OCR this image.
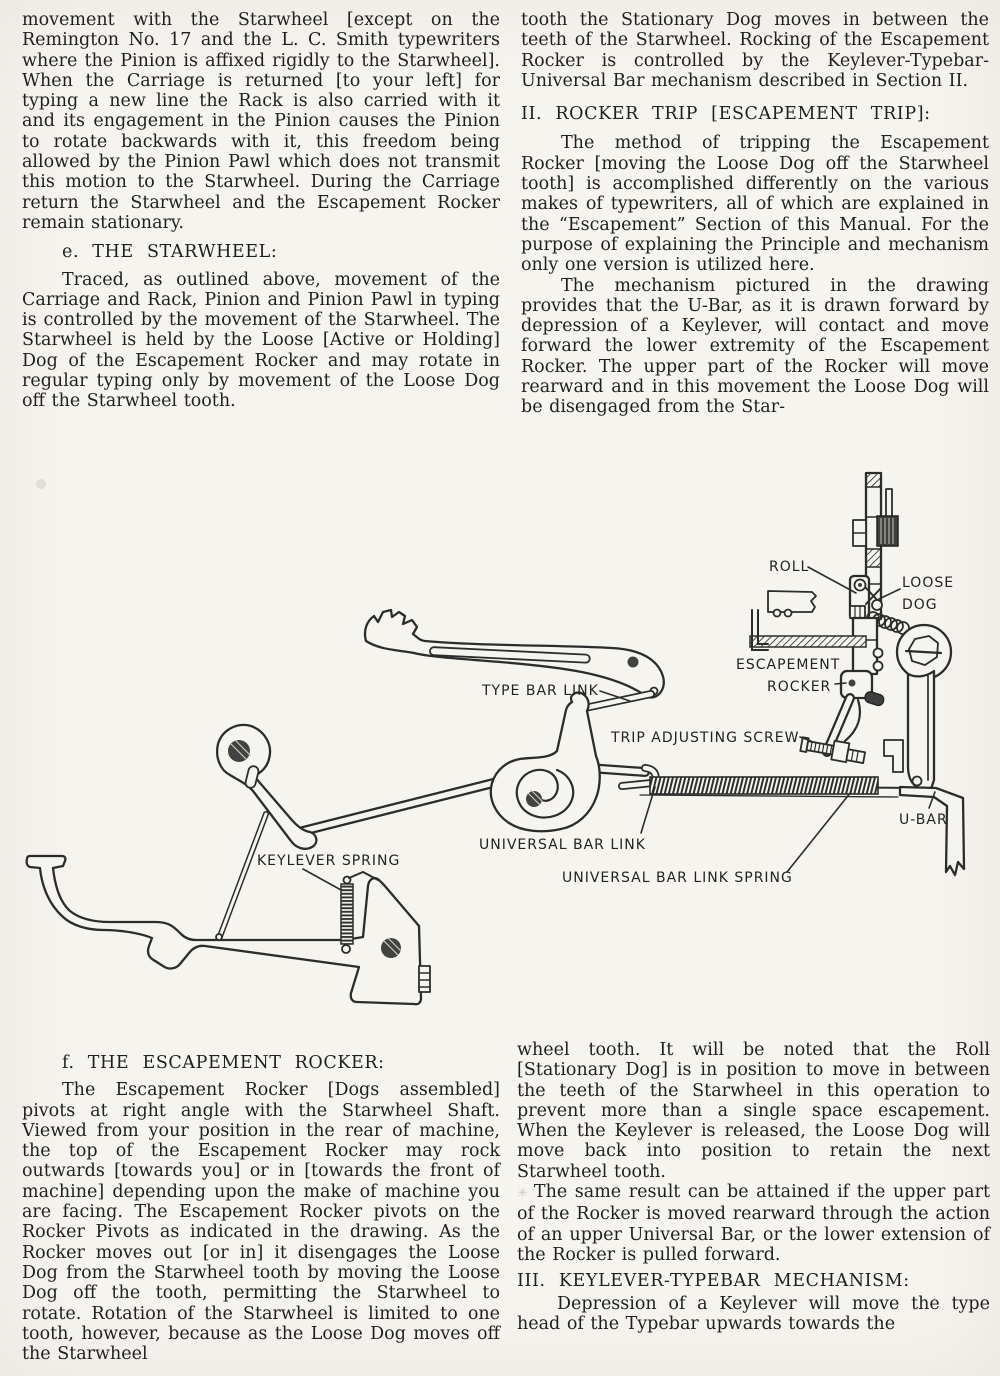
movement with the Starwheel [except on the Remington No. 17 and the L. C. Smith typewriters where the Pinion is affixed rigidly to the Starwheel]. When the Carriage is returned [to your left] for typing a new line the Rack is also carried with it and its engagement in the Pinion causes the Pinion to rotate backwards with it, this freedom being allowed by the Pinion Pawl which does not transmit this motion to the Starwheel. During the Carriage return the Starwheel and the Escapement Rocker remain stationary.

e. THE STARWHEEL:

Traced, as outlined above, movement of the Carriage and Rack, Pinion and Pinion Pawl in typing is controlled by the movement of the Starwheel. The Starwheel is held by the Loose [Active or Holding] Dog of the Escapement Rocker and may rotate in regular typing only by movement of the Loose Dog off the Starwheel tooth.

tooth the Stationary Dog moves in between the teeth of the Starwheel. Rocking of the Escapement Rocker is controlled by the Keylever-Typebar-Universal Bar mechanism described in Section II.

II. ROCKER TRIP [ESCAPEMENT TRIP]:

The method of tripping the Escapement Rocker [moving the Loose Dog off the Starwheel tooth] is accomplished differently on the various makes of typewriters, all of which are explained in the “Escapement” Section of this Manual. For the purpose of explaining the Principle and mechanism only one version is utilized here.

The mechanism pictured in the drawing provides that the U-Bar, as it is drawn forward by depression of a Keylever, will contact and move forward the lower extremity of the Escapement Rocker. The upper part of the Rocker will move rearward and in this movement the Loose Dog will be disengaged from the Star-

ROLL
LOOSE
DOG
ESCAPEMENT
ROCKER
TRIP ADJUSTING SCREW
TYPE BAR LINK
UNIVERSAL BAR LINK
KEYLEVER SPRING
UNIVERSAL BAR LINK SPRING
U-BAR
f. THE ESCAPEMENT ROCKER:

The Escapement Rocker [Dogs assembled] pivots at right angle with the Starwheel Shaft. Viewed from your position in the rear of machine, the top of the Escapement Rocker may rock outwards [towards you] or in [towards the front of machine] depending upon the make of machine you are facing. The Escapement Rocker pivots on the Rocker Pivots as indicated in the drawing. As the Rocker moves out [or in] it disengages the Loose Dog from the Starwheel tooth by moving the Loose Dog off the tooth, permitting the Starwheel to rotate. Rotation of the Starwheel is limited to one tooth, however, because as the Loose Dog moves off the Starwheel

wheel tooth. It will be noted that the Roll [Stationary Dog] is in position to move in between the teeth of the Starwheel in this operation to prevent more than a single space escapement. When the Keylever is released, the Loose Dog will move back into position to retain the next Starwheel tooth.

✳ The same result can be attained if the upper part of the Rocker is moved rearward through the action of an upper Universal Bar, or the lower extension of the Rocker is pulled forward.

III. KEYLEVER-TYPEBAR MECHANISM:

Depression of a Keylever will move the type head of the Typebar upwards towards the
